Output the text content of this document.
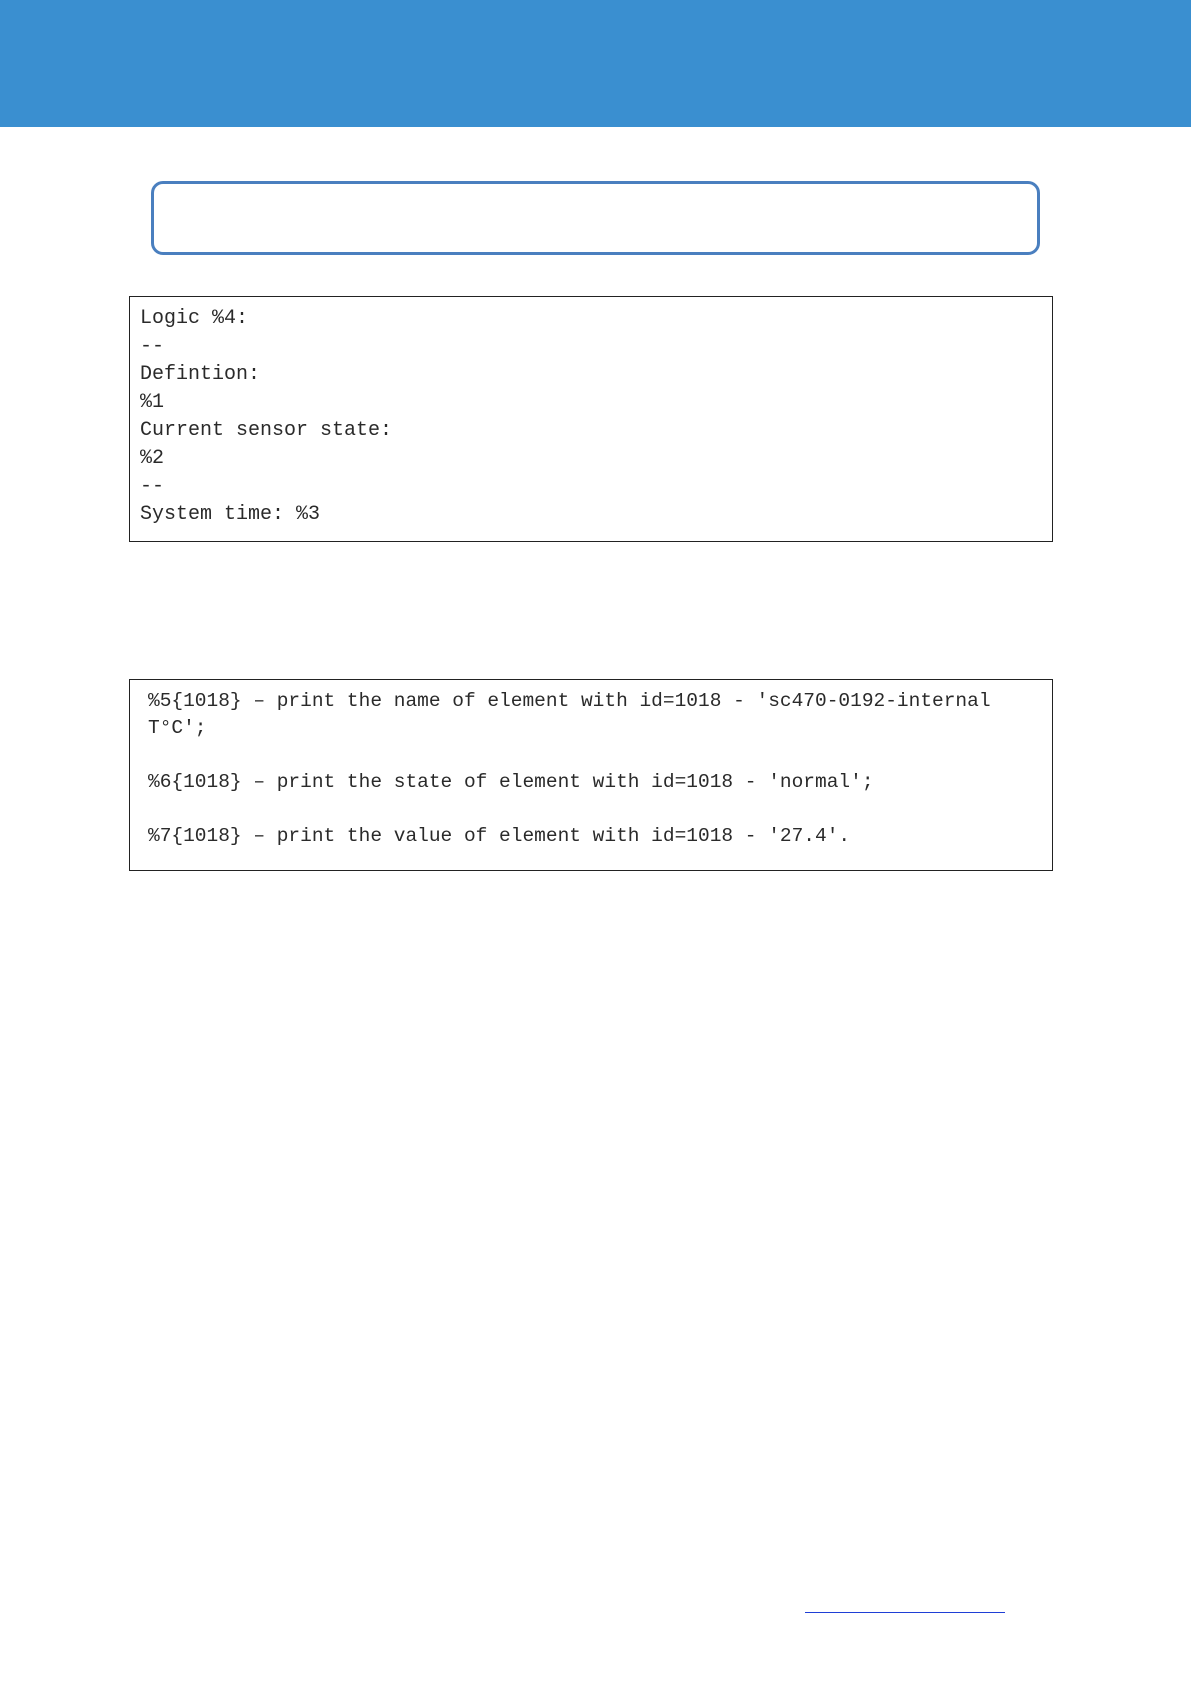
Logic %4:
--
Defintion:
%1
Current sensor state:
%2
--
System time: %3
%5{1018} – print the name of element with id=1018 - 'sc470-0192-internal T°C';
%6{1018} – print the state of element with id=1018 - 'normal';
%7{1018} – print the value of element with id=1018 - '27.4'.
